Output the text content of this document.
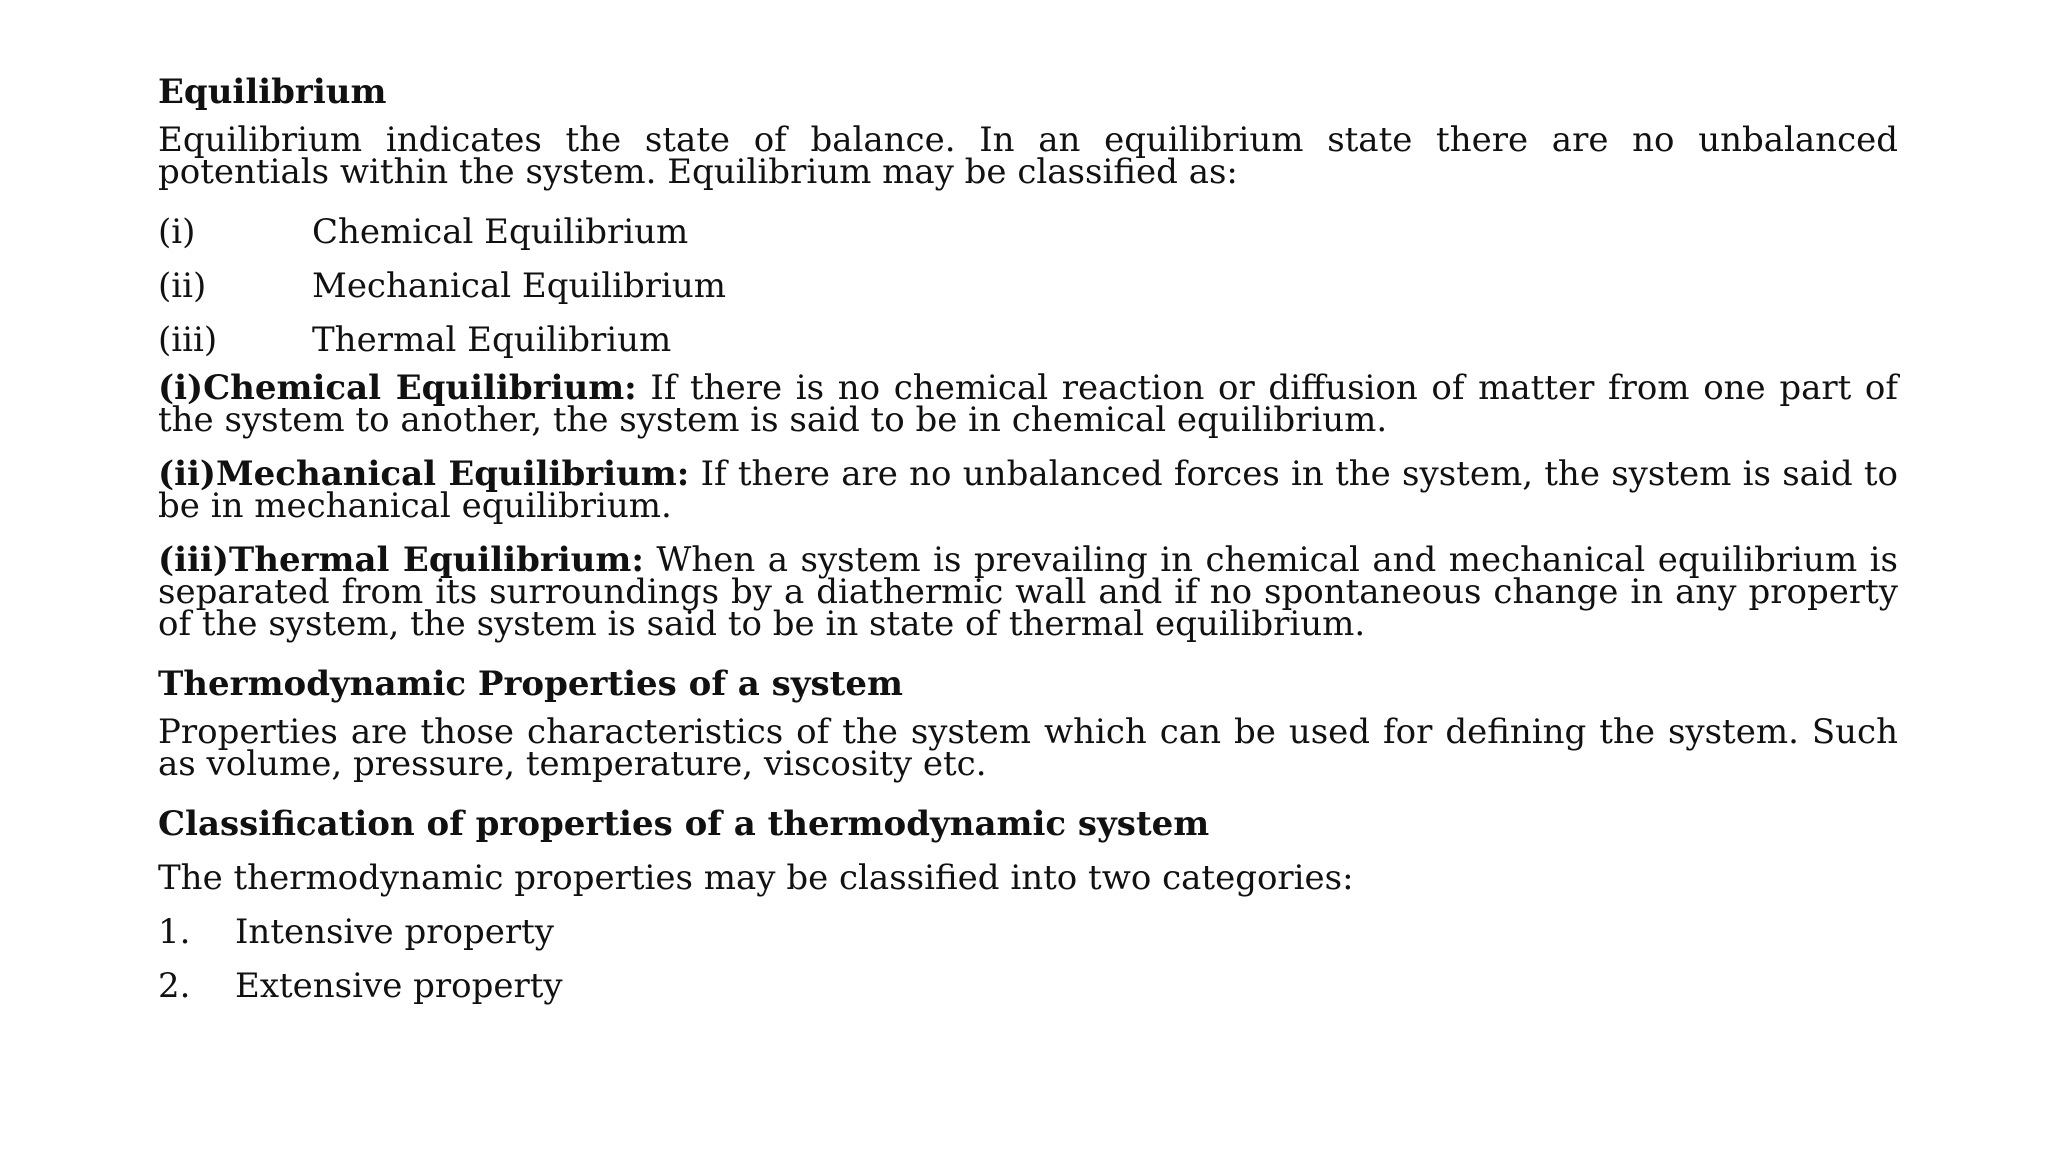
Equilibrium

Equilibrium indicates the state of balance. In an equilibrium state there are no unbalanced potentials within the system. Equilibrium may be classified as:

(i)	Chemical Equilibrium
(ii)	Mechanical Equilibrium
(iii)	Thermal Equilibrium

(i)Chemical Equilibrium: If there is no chemical reaction or diffusion of matter from one part of the system to another, the system is said to be in chemical equilibrium.

(ii)Mechanical Equilibrium: If there are no unbalanced forces in the system, the system is said to be in mechanical equilibrium.

(iii)Thermal Equilibrium: When a system is prevailing in chemical and mechanical equilibrium is separated from its surroundings by a diathermic wall and if no spontaneous change in any property of the system, the system is said to be in state of thermal equilibrium.

Thermodynamic Properties of a system

Properties are those characteristics of the system which can be used for defining the system. Such as volume, pressure, temperature, viscosity etc.

Classification of properties of a thermodynamic system
The thermodynamic properties may be classified into two categories:
1.	Intensive property
2.	Extensive property
